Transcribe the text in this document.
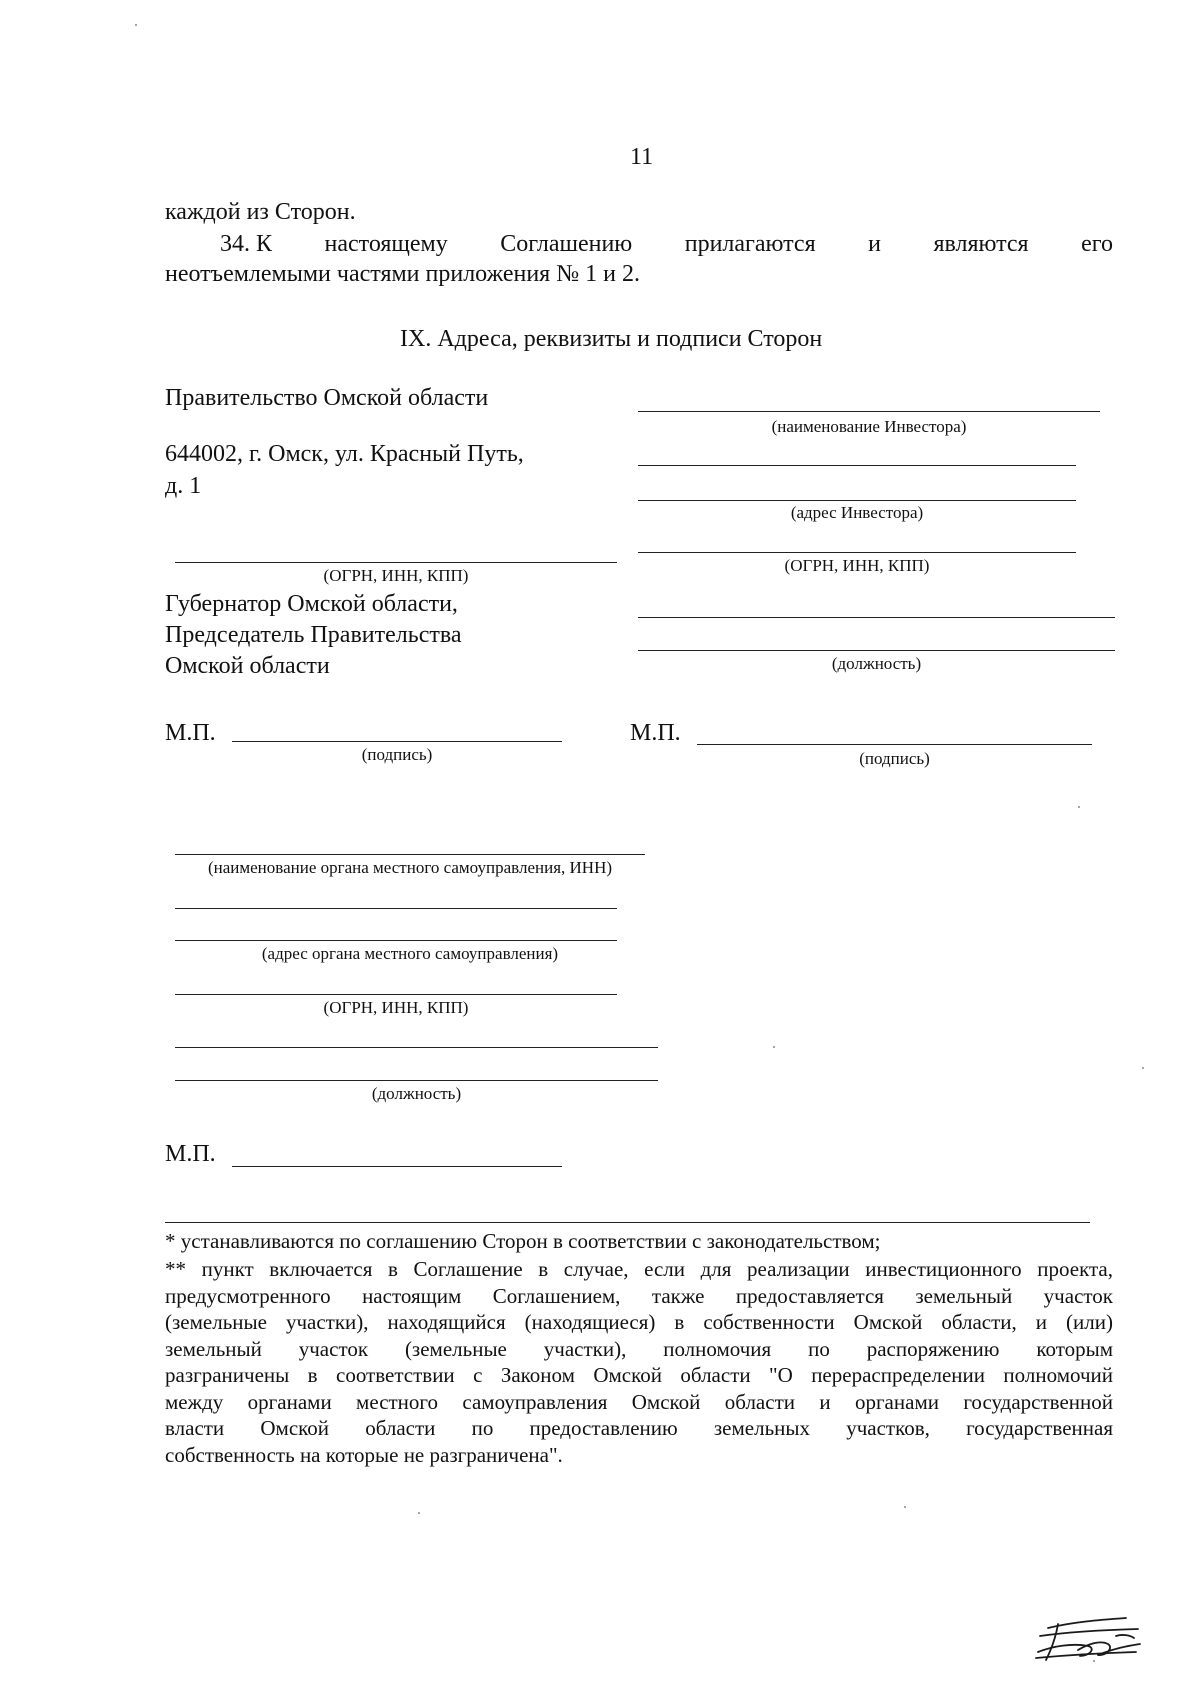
11
каждой из Сторон.
34. К настоящему Соглашению прилагаются и являются его
неотъемлемыми частями приложения № 1 и 2.
IX. Адреса, реквизиты и подписи Сторон
Правительство Омской области
644002, г. Омск, ул. Красный Путь,
д. 1
(ОГРН, ИНН, КПП)
Губернатор Омской области,
Председатель Правительства
Омской области
М.П.
(подпись)
(наименование Инвестора)
(адрес Инвестора)
(ОГРН, ИНН, КПП)
(должность)
М.П.
(подпись)
(наименование органа местного самоуправления, ИНН)
(адрес органа местного самоуправления)
(ОГРН, ИНН, КПП)
(должность)
М.П.
* устанавливаются по соглашению Сторон в соответствии с законодательством;
** пункт включается в Соглашение в случае, если для реализации инвестиционного проекта,
предусмотренного настоящим Соглашением, также предоставляется земельный участок
(земельные участки), находящийся (находящиеся) в собственности Омской области, и (или)
земельный участок (земельные участки), полномочия по распоряжению которым
разграничены в соответствии с Законом Омской области "О перераспределении полномочий
между органами местного самоуправления Омской области и органами государственной
власти Омской области по предоставлению земельных участков, государственная
собственность на которые не разграничена".
